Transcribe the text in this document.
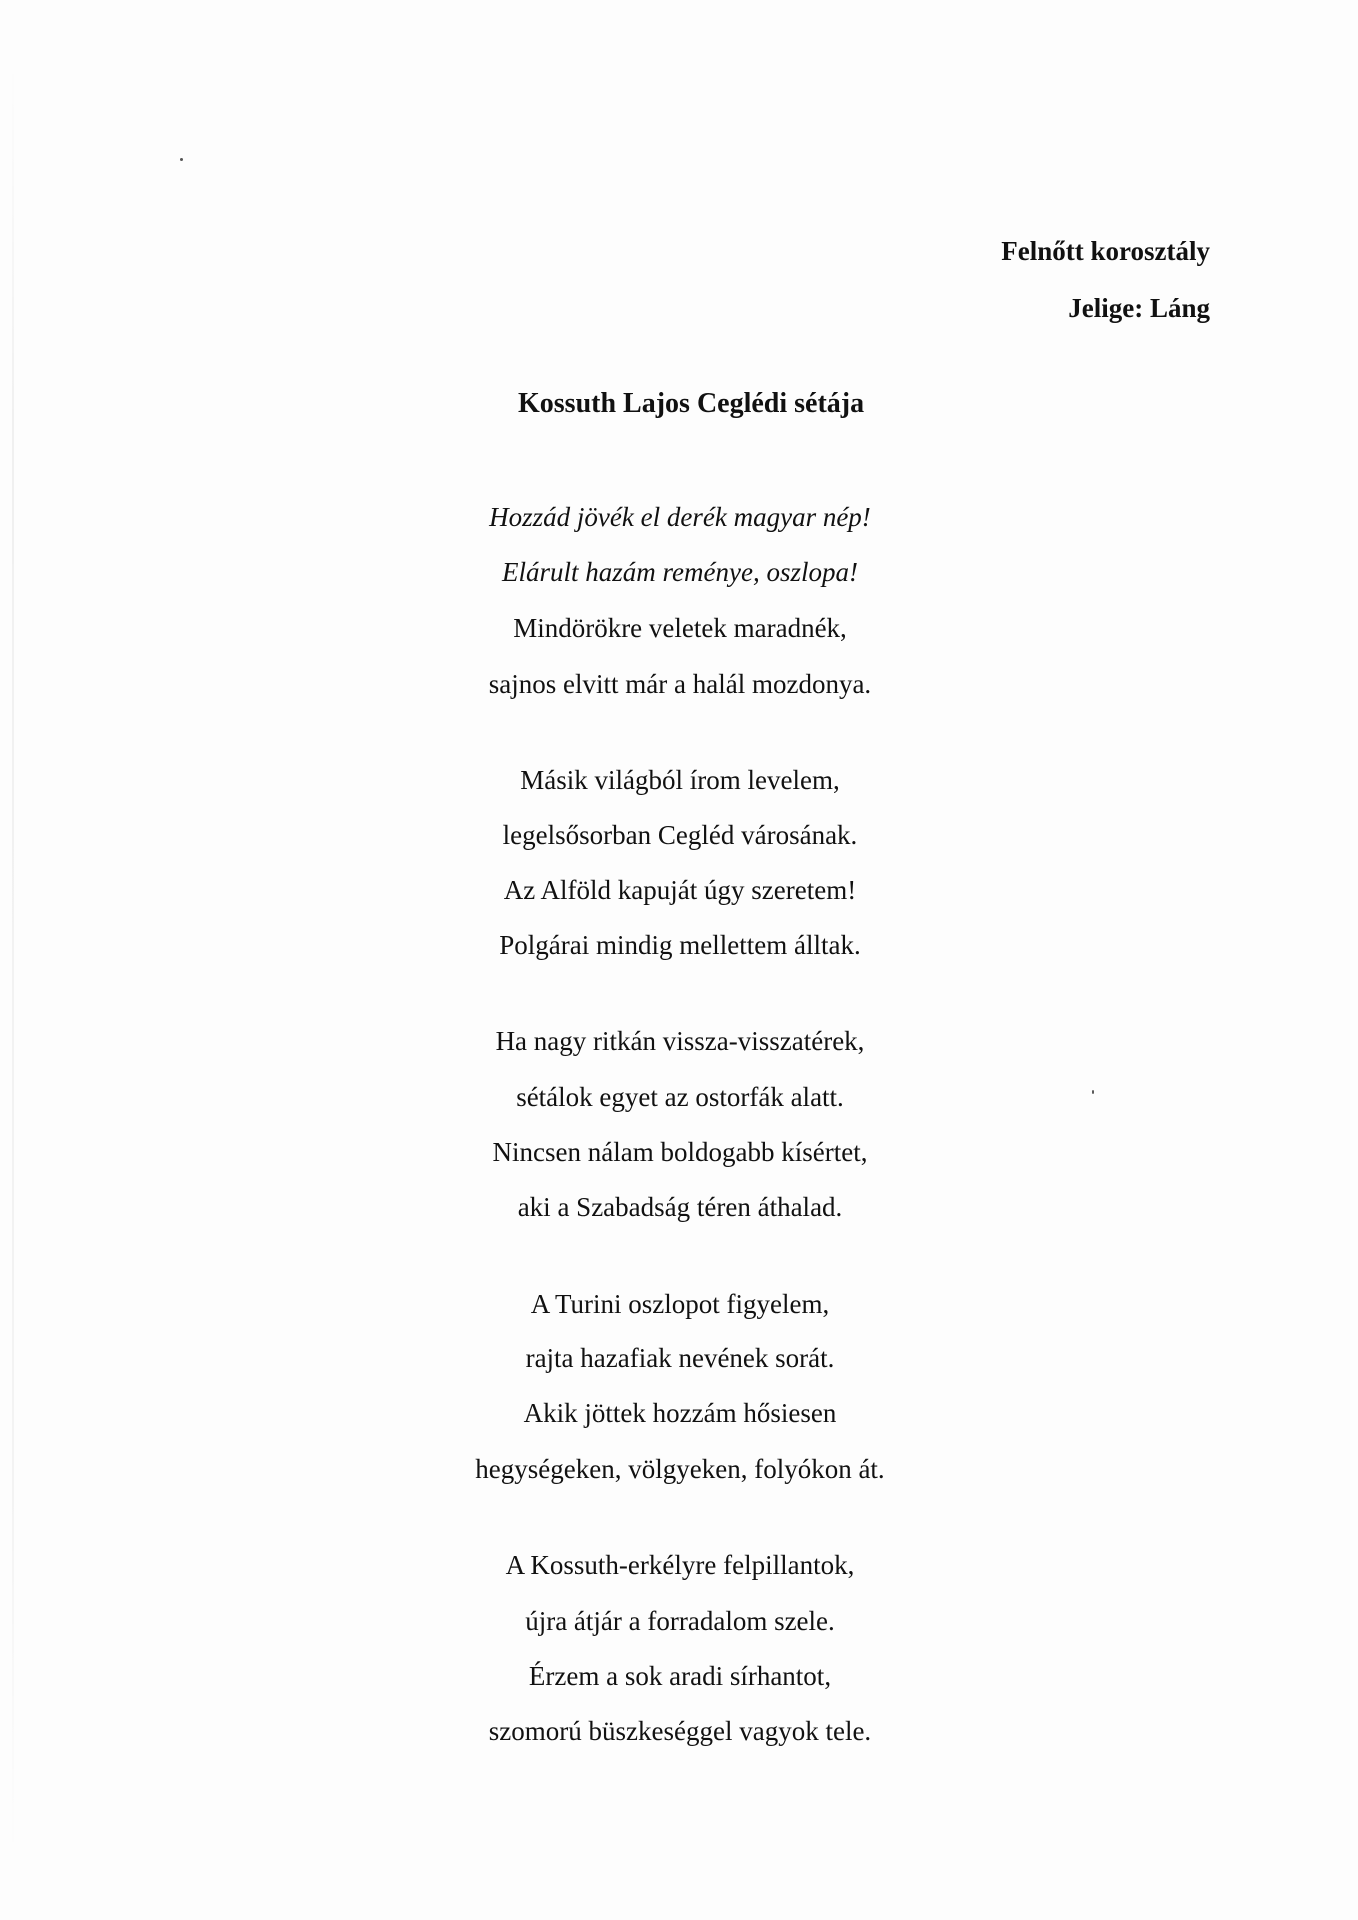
Felnőtt korosztály
Jelige: Láng
Kossuth Lajos Ceglédi sétája
Hozzád jövék el derék magyar nép!
Elárult hazám reménye, oszlopa!
Mindörökre veletek maradnék,
sajnos elvitt már a halál mozdonya.
Másik világból írom levelem,
legelsősorban Cegléd városának.
Az Alföld kapuját úgy szeretem!
Polgárai mindig mellettem álltak.
Ha nagy ritkán vissza-visszatérek,
sétálok egyet az ostorfák alatt.
Nincsen nálam boldogabb kísértet,
aki a Szabadság téren áthalad.
A Turini oszlopot figyelem,
rajta hazafiak nevének sorát.
Akik jöttek hozzám hősiesen
hegységeken, völgyeken, folyókon át.
A Kossuth-erkélyre felpillantok,
újra átjár a forradalom szele.
Érzem a sok aradi sírhantot,
szomorú büszkeséggel vagyok tele.
